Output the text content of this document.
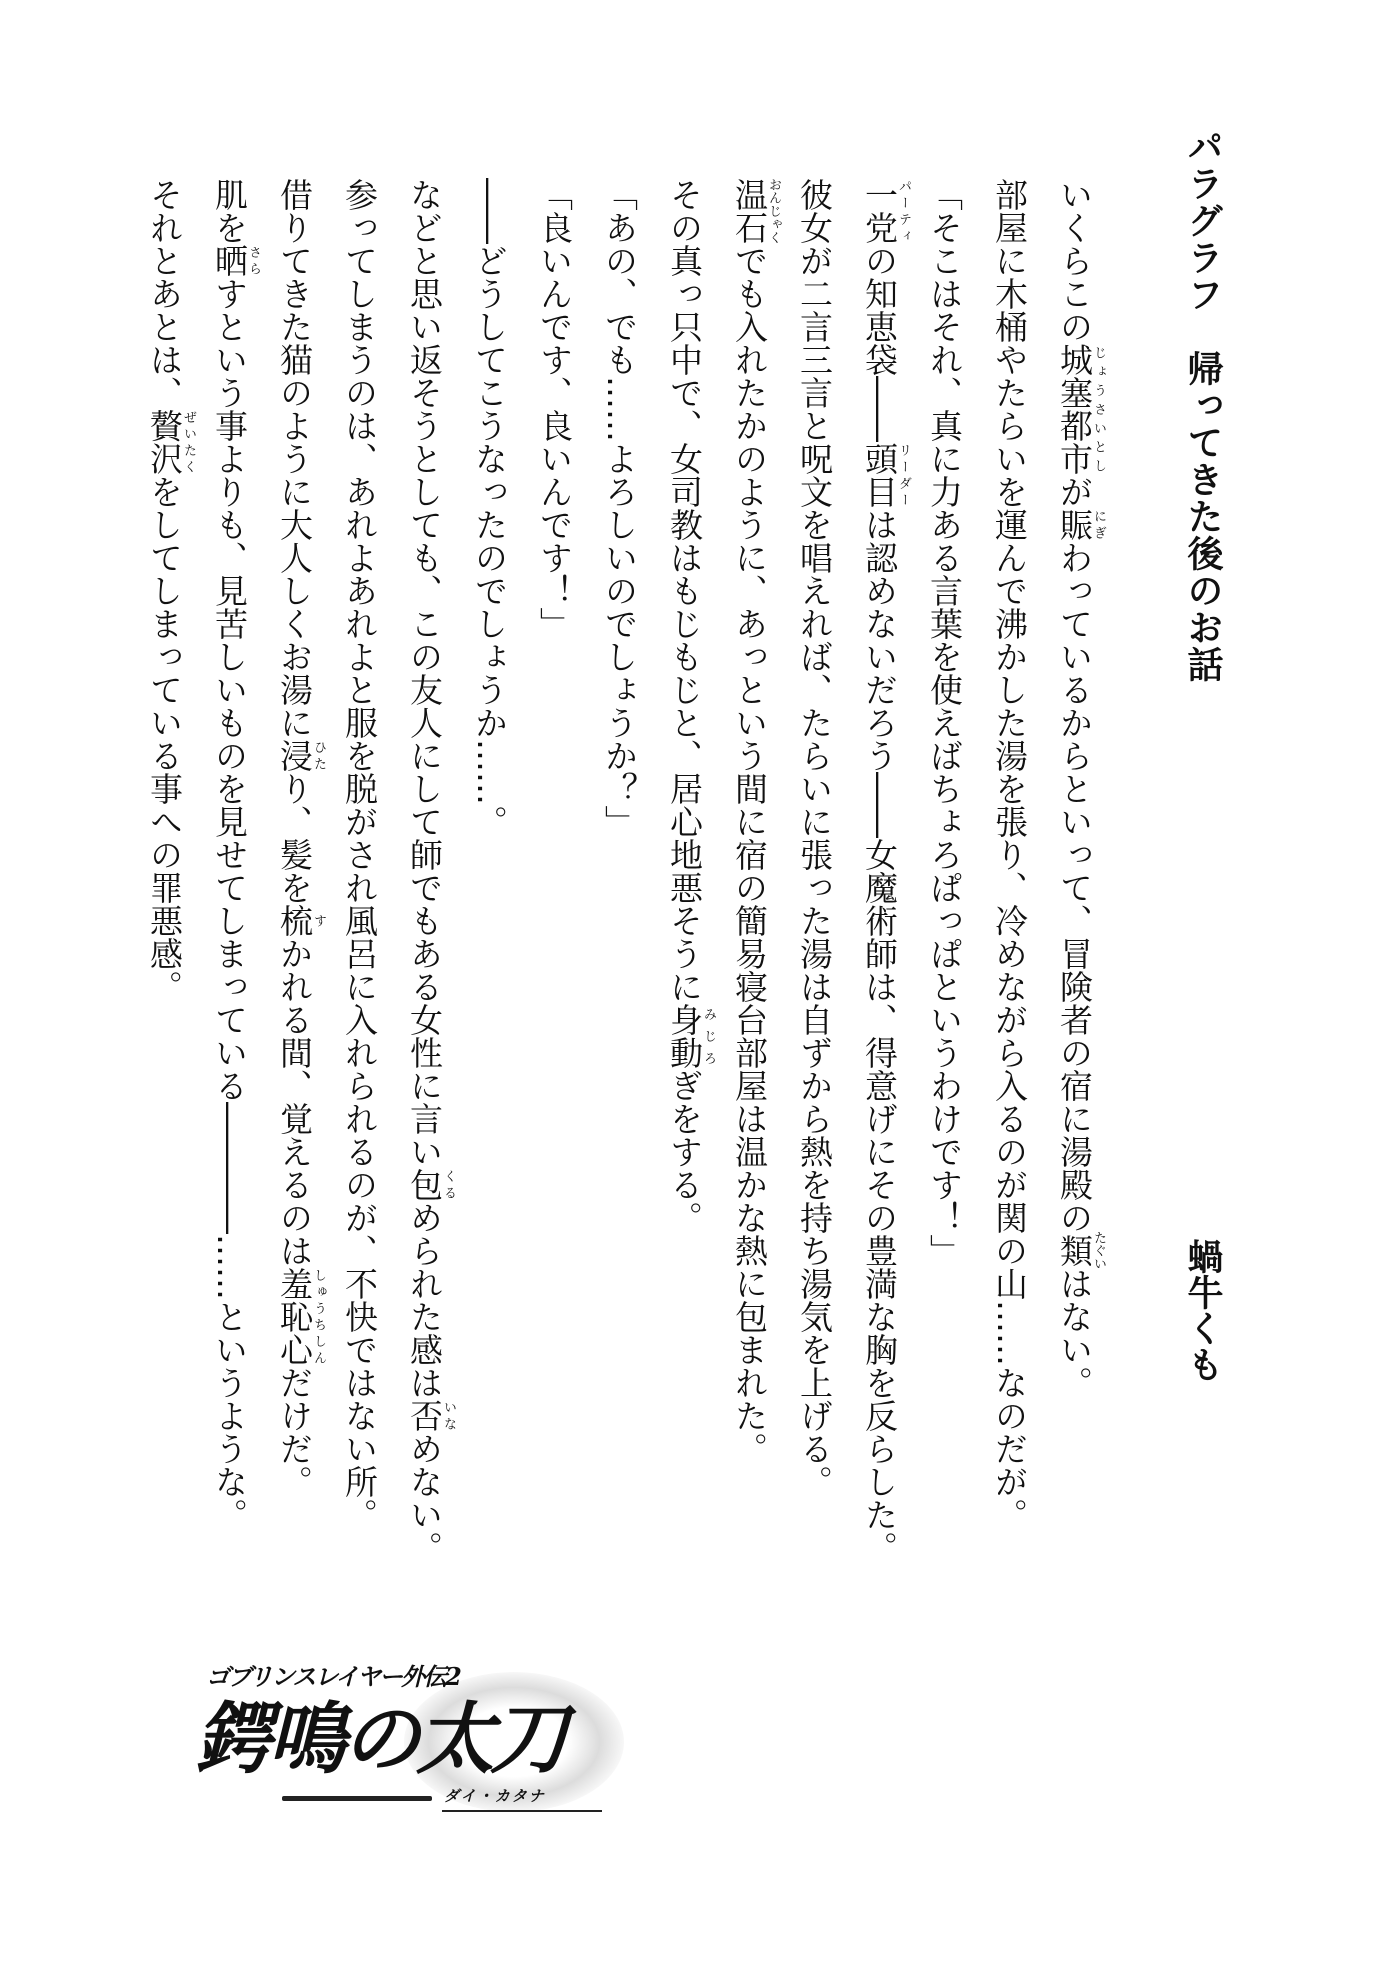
パラグラフ　帰ってきた後のお話
蝸牛くも
いくらこの城塞都市じょうさいとしが賑にぎわっているからといって、冒険者の宿に湯殿の類たぐいはない。
部屋に木桶やたらいを運んで沸かした湯を張り、冷めながら入るのが関の山……なのだが。
「そこはそれ、真に力ある言葉を使えばちょろぱっぱというわけです！」
一党パーティの知恵袋――頭目リーダーは認めないだろう――女魔術師は、得意げにその豊満な胸を反らした。
彼女が二言三言と呪文を唱えれば、たらいに張った湯は自ずから熱を持ち湯気を上げる。
温石おんじゃくでも入れたかのように、あっという間に宿の簡易寝台部屋は温かな熱に包まれた。
その真っ只中で、女司教はもじもじと、居心地悪そうに身動みじろぎをする。
「あの、でも……よろしいのでしょうか？」
「良いんです、良いんです！」
――どうしてこうなったのでしょうか……。
などと思い返そうとしても、この友人にして師でもある女性に言い包くるめられた感は否いなめない。
参ってしまうのは、あれよあれよと服を脱がされ風呂に入れられるのが、不快ではない所。
借りてきた猫のように大人しくお湯に浸ひたり、髪を梳すかれる間、覚えるのは羞恥心しゅうちしんだけだ。
肌を晒さらすという事よりも、見苦しいものを見せてしまっている――――……というような。
それとあとは、贅沢ぜいたくをしてしまっている事への罪悪感。
ゴブリンスレイヤー外伝2
鍔鳴の太刀
ダイ・カタナ
